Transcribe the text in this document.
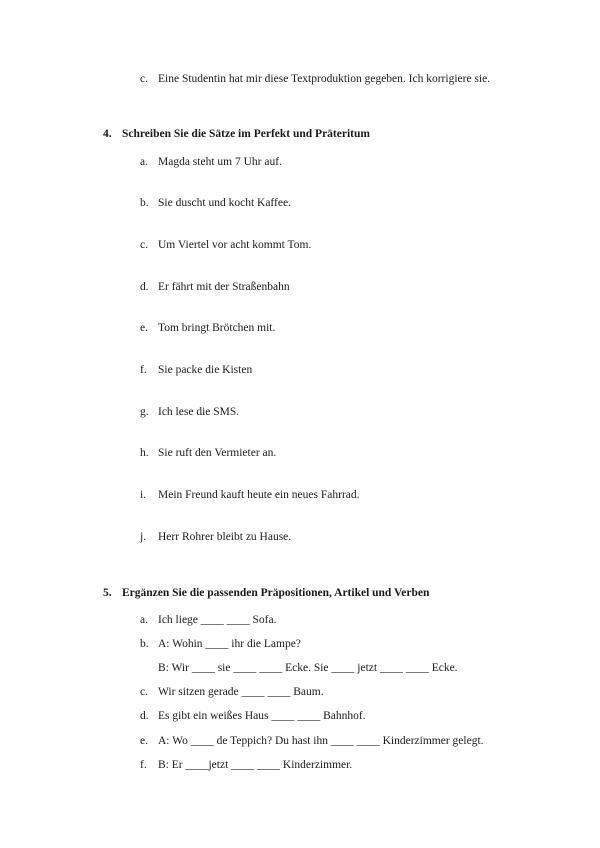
c. Eine Studentin hat mir diese Textproduktion gegeben. Ich korrigiere sie.
4. Schreiben Sie die Sätze im Perfekt und Präteritum
a. Magda steht um 7 Uhr auf.
b. Sie duscht und kocht Kaffee.
c. Um Viertel vor acht kommt Tom.
d. Er fährt mit der Straßenbahn
e. Tom bringt Brötchen mit.
f. Sie packe die Kisten
g. Ich lese die SMS.
h. Sie ruft den Vermieter an.
i. Mein Freund kauft heute ein neues Fahrrad.
j. Herr Rohrer bleibt zu Hause.
5. Ergänzen Sie die passenden Präpositionen, Artikel und Verben
a. Ich liege ____ ____ Sofa.
b. A: Wohin ____ ihr die Lampe?
B: Wir ____ sie ____ ____ Ecke. Sie ____ jetzt ____ ____ Ecke.
c. Wir sitzen gerade ____ ____ Baum.
d. Es gibt ein weißes Haus ____ ____ Bahnhof.
e. A: Wo ____ de Teppich? Du hast ihn ____ ____ Kinderzimmer gelegt.
f. B: Er ____jetzt ____ ____ Kinderzimmer.
